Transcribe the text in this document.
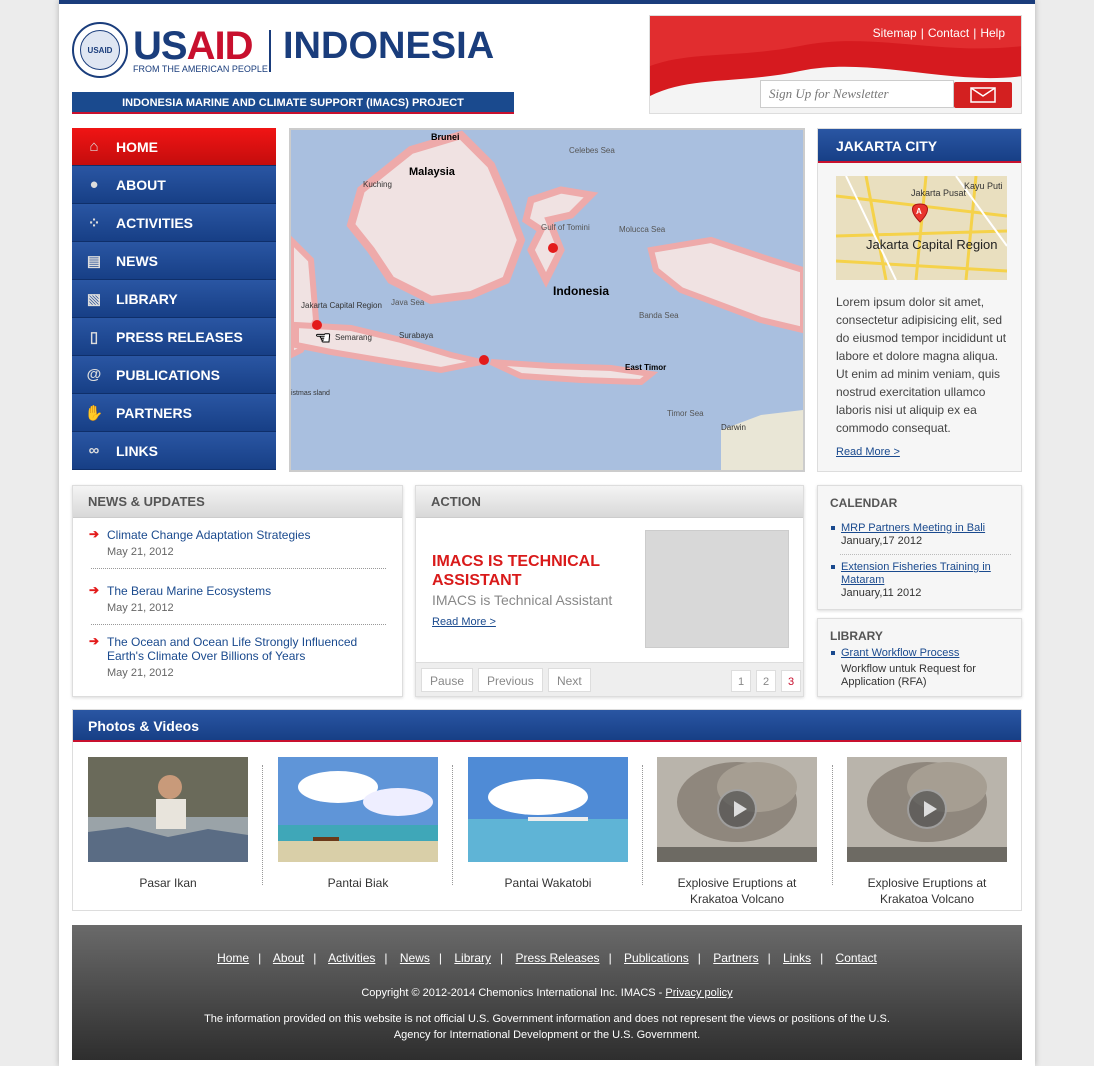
USAID USAID
FROM THE AMERICAN PEOPLE
INDONESIA
INDONESIA MARINE AND CLIMATE SUPPORT (IMACS) PROJECT
Sitemap | Contact | Help
Sign Up for Newsletter
⌂	HOME
●	ABOUT
⁘	ACTIVITIES
▤	NEWS
▧	LIBRARY
▯	PRESS RELEASES
@	PUBLICATIONS
✋ PARTNERS
∞	LINKS
Brunei
Malaysia
Kuching
Celebes Sea
Gulf of Tomini	Molucca Sea
Indonesia
Java Sea
Banda Sea
Jakarta Capital Region
Semarang	Surabaya
East Timor
Timor Sea
Darwin
istmas sland
☚
JAKARTA CITY
Jakarta Pusat
Kayu Puti
Jakarta Capital Region
A
Lorem ipsum dolor sit amet, consectetur adipisicing elit, sed do eiusmod tempor incididunt ut labore et dolore magna aliqua. Ut enim ad minim veniam, quis nostrud exercitation ullamco laboris nisi ut aliquip ex ea commodo consequat.
Read More >
NEWS & UPDATES
➔ Climate Change Adaptation Strategies
May 21, 2012
➔ The Berau Marine Ecosystems
May 21, 2012
➔ The Ocean and Ocean Life Strongly Influenced Earth's Climate Over Billions of Years
May 21, 2012
ACTION
IMACS IS TECHNICAL ASSISTANT
IMACS is Technical Assistant
Read More >
Pause	Previous	Next	1	2	3
CALENDAR
MRP Partners Meeting in Bali
January,17 2012
Extension Fisheries Training in Mataram
January,11 2012
LIBRARY
Grant Workflow Process
Workflow untuk Request for Application (RFA)
Photos & Videos
Pasar Ikan	Pantai Biak	Pantai Wakatobi	Explosive Eruptions at Krakatoa Volcano
Explosive Eruptions at Krakatoa Volcano
Home | About | Activities | News | Library | Press Releases | Publications | Partners | Links | Contact
Copyright © 2012-2014 Chemonics International Inc. IMACS - Privacy policy
The information provided on this website is not official U.S. Government information and does not represent the views or positions of the U.S. Agency for International Development or the U.S. Government.
